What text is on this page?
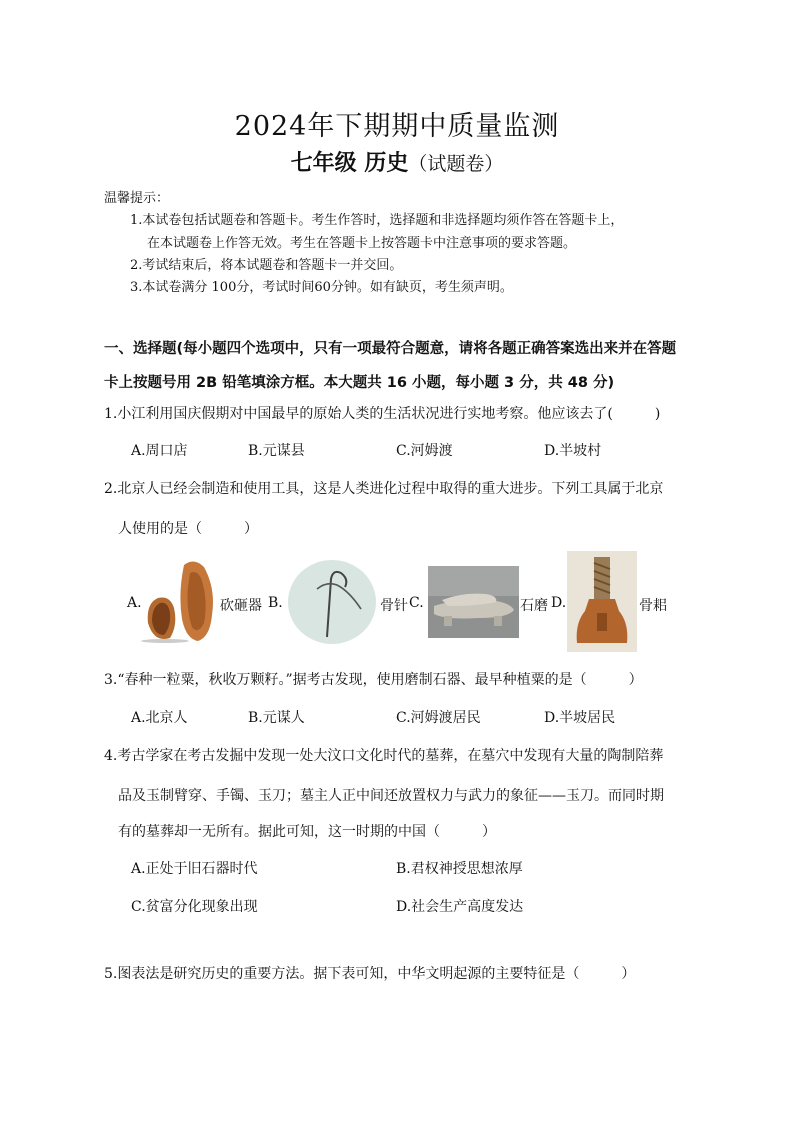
2024年下期期中质量监测
七年级 历史（试题卷）
温馨提示：
1.本试卷包括试题卷和答题卡。考生作答时，选择题和非选择题均须作答在答题卡上，
在本试题卷上作答无效。考生在答题卡上按答题卡中注意事项的要求答题。
2.考试结束后，将本试题卷和答题卡一并交回。
3.本试卷满分 100分，考试时间60分钟。如有缺页，考生须声明。
一、选择题(每小题四个选项中，只有一项最符合题意，请将各题正确答案选出来并在答题
卡上按题号用 2B 铅笔填涂方框。本大题共 16 小题，每小题 3 分，共 48 分)
1.小江利用国庆假期对中国最早的原始人类的生活状况进行实地考察。他应该去了(　　　)
A.周口店	B.元谋县	C.河姆渡	D.半坡村
2.北京人已经会制造和使用工具，这是人类进化过程中取得的重大进步。下列工具属于北京
人使用的是（　　　）
A.	砍砸器 B.	骨针 C.	石磨 D.	骨耜
3.“春种一粒粟，秋收万颗籽。”据考古发现，使用磨制石器、最早种植粟的是（　　　）
A.北京人	B.元谋人	C.河姆渡居民	D.半坡居民
4.考古学家在考古发掘中发现一处大汶口文化时代的墓葬，在墓穴中发现有大量的陶制陪葬
品及玉制臂穿、手镯、玉刀；墓主人正中间还放置权力与武力的象征——玉刀。而同时期
有的墓葬却一无所有。据此可知，这一时期的中国（　　　）
A.正处于旧石器时代	B.君权神授思想浓厚
C.贫富分化现象出现	D.社会生产高度发达
5.图表法是研究历史的重要方法。据下表可知，中华文明起源的主要特征是（　　　）
